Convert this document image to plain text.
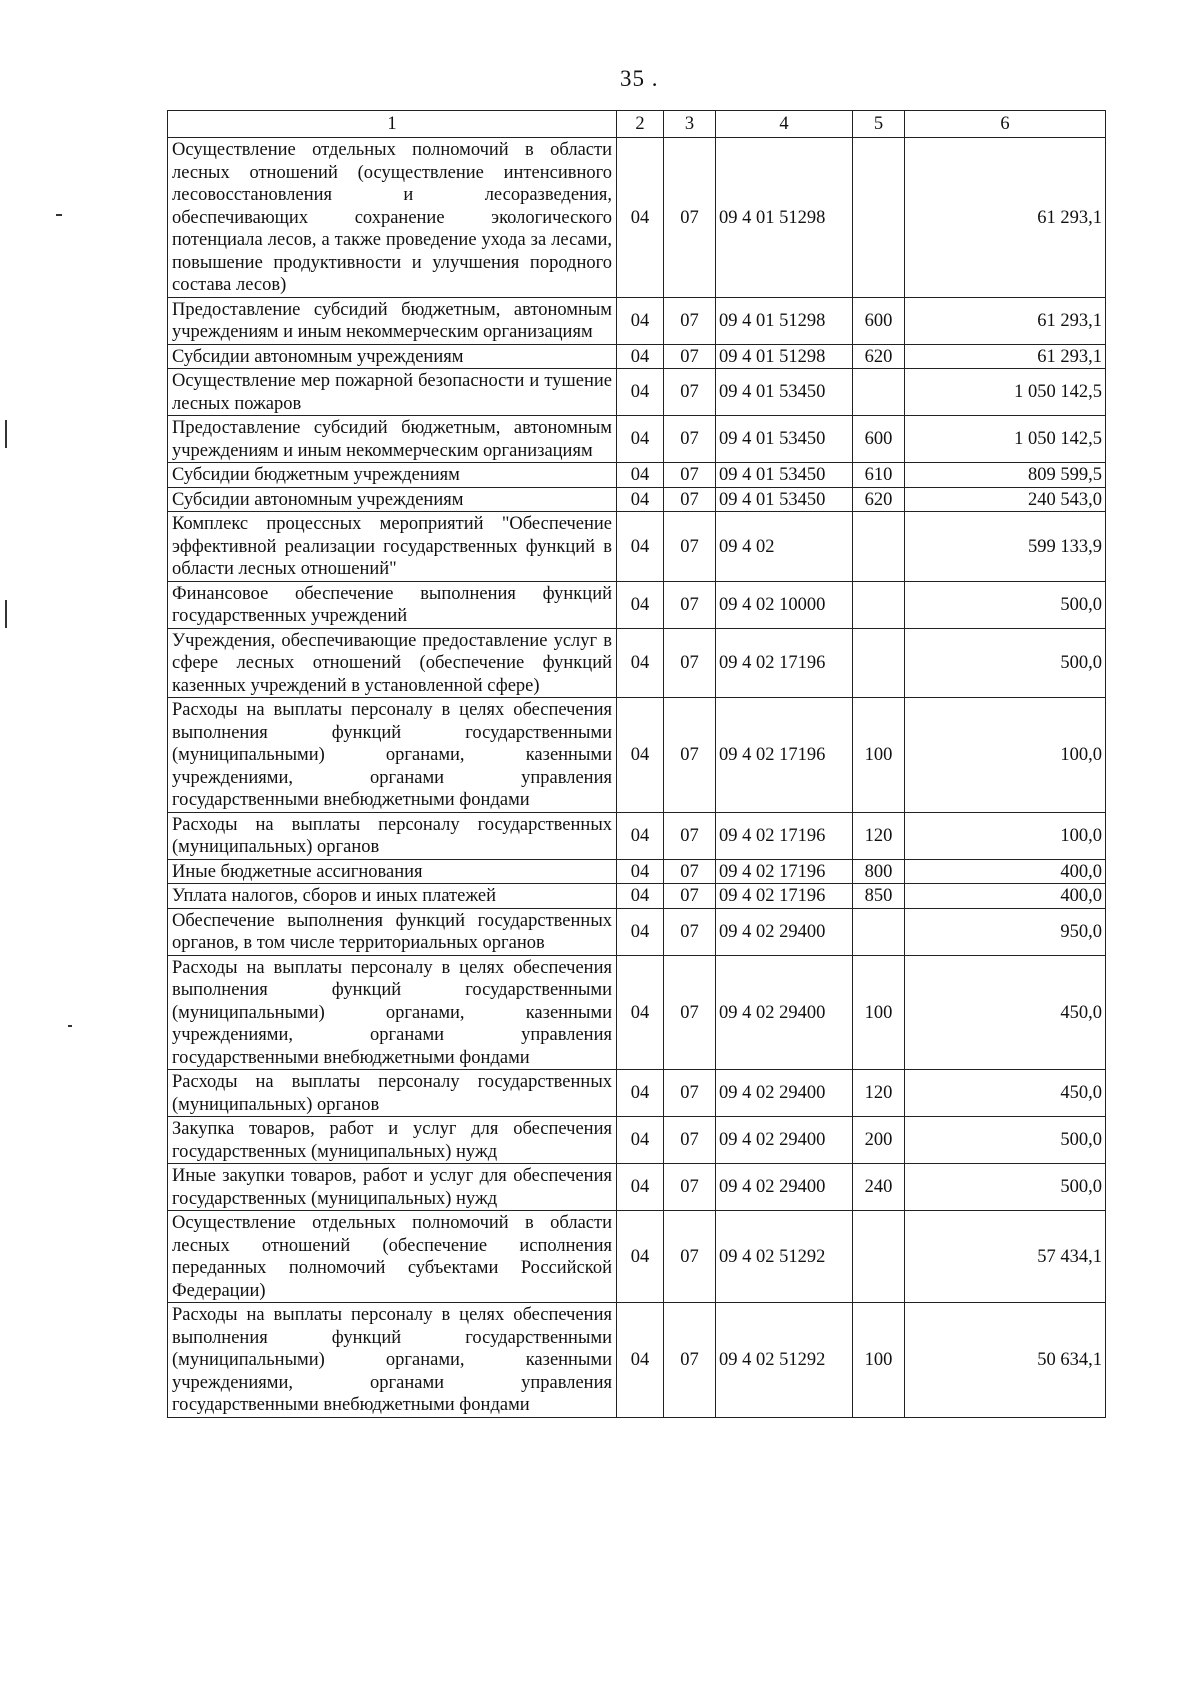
35 .
1	2	3	4	5	6
Осуществление отдельных полномочий в области лесных отношений (осуществление интенсивного лесовосстановления и лесоразведения, обеспечивающих сохранение экологического потенциала лесов, а также проведение ухода за лесами, повышение продуктивности и улучшения породного состава лесов)	04	07	09 4 01 51298		61 293,1
Предоставление субсидий бюджетным, автономным учреждениям и иным некоммерческим организациям	04	07	09 4 01 51298	600	61 293,1
Субсидии автономным учреждениям	04	07	09 4 01 51298	620	61 293,1
Осуществление мер пожарной безопасности и тушение лесных пожаров	04	07	09 4 01 53450		1 050 142,5
Предоставление субсидий бюджетным, автономным учреждениям и иным некоммерческим организациям	04	07	09 4 01 53450	600	1 050 142,5
Субсидии бюджетным учреждениям	04	07	09 4 01 53450	610	809 599,5
Субсидии автономным учреждениям	04	07	09 4 01 53450	620	240 543,0
Комплекс процессных мероприятий "Обеспечение эффективной реализации государственных функций в области лесных отношений"	04	07	09 4 02		599 133,9
Финансовое обеспечение выполнения функций государственных учреждений	04	07	09 4 02 10000		500,0
Учреждения, обеспечивающие предоставление услуг в сфере лесных отношений (обеспечение функций казенных учреждений в установленной сфере)	04	07	09 4 02 17196		500,0
Расходы на выплаты персоналу в целях обеспечения выполнения функций государственными (муниципальными) органами, казенными учреждениями, органами управления государственными внебюджетными фондами	04	07	09 4 02 17196	100	100,0
Расходы на выплаты персоналу государственных (муниципальных) органов	04	07	09 4 02 17196	120	100,0
Иные бюджетные ассигнования	04	07	09 4 02 17196	800	400,0
Уплата налогов, сборов и иных платежей	04	07	09 4 02 17196	850	400,0
Обеспечение выполнения функций государственных органов, в том числе территориальных органов	04	07	09 4 02 29400		950,0
Расходы на выплаты персоналу в целях обеспечения выполнения функций государственными (муниципальными) органами, казенными учреждениями, органами управления государственными внебюджетными фондами	04	07	09 4 02 29400	100	450,0
Расходы на выплаты персоналу государственных (муниципальных) органов	04	07	09 4 02 29400	120	450,0
Закупка товаров, работ и услуг для обеспечения государственных (муниципальных) нужд	04	07	09 4 02 29400	200	500,0
Иные закупки товаров, работ и услуг для обеспечения государственных (муниципальных) нужд	04	07	09 4 02 29400	240	500,0
Осуществление отдельных полномочий в области лесных отношений (обеспечение исполнения переданных полномочий субъектами Российской Федерации)	04	07	09 4 02 51292		57 434,1
Расходы на выплаты персоналу в целях обеспечения выполнения функций государственными (муниципальными) органами, казенными учреждениями, органами управления государственными внебюджетными фондами	04	07	09 4 02 51292	100	50 634,1
